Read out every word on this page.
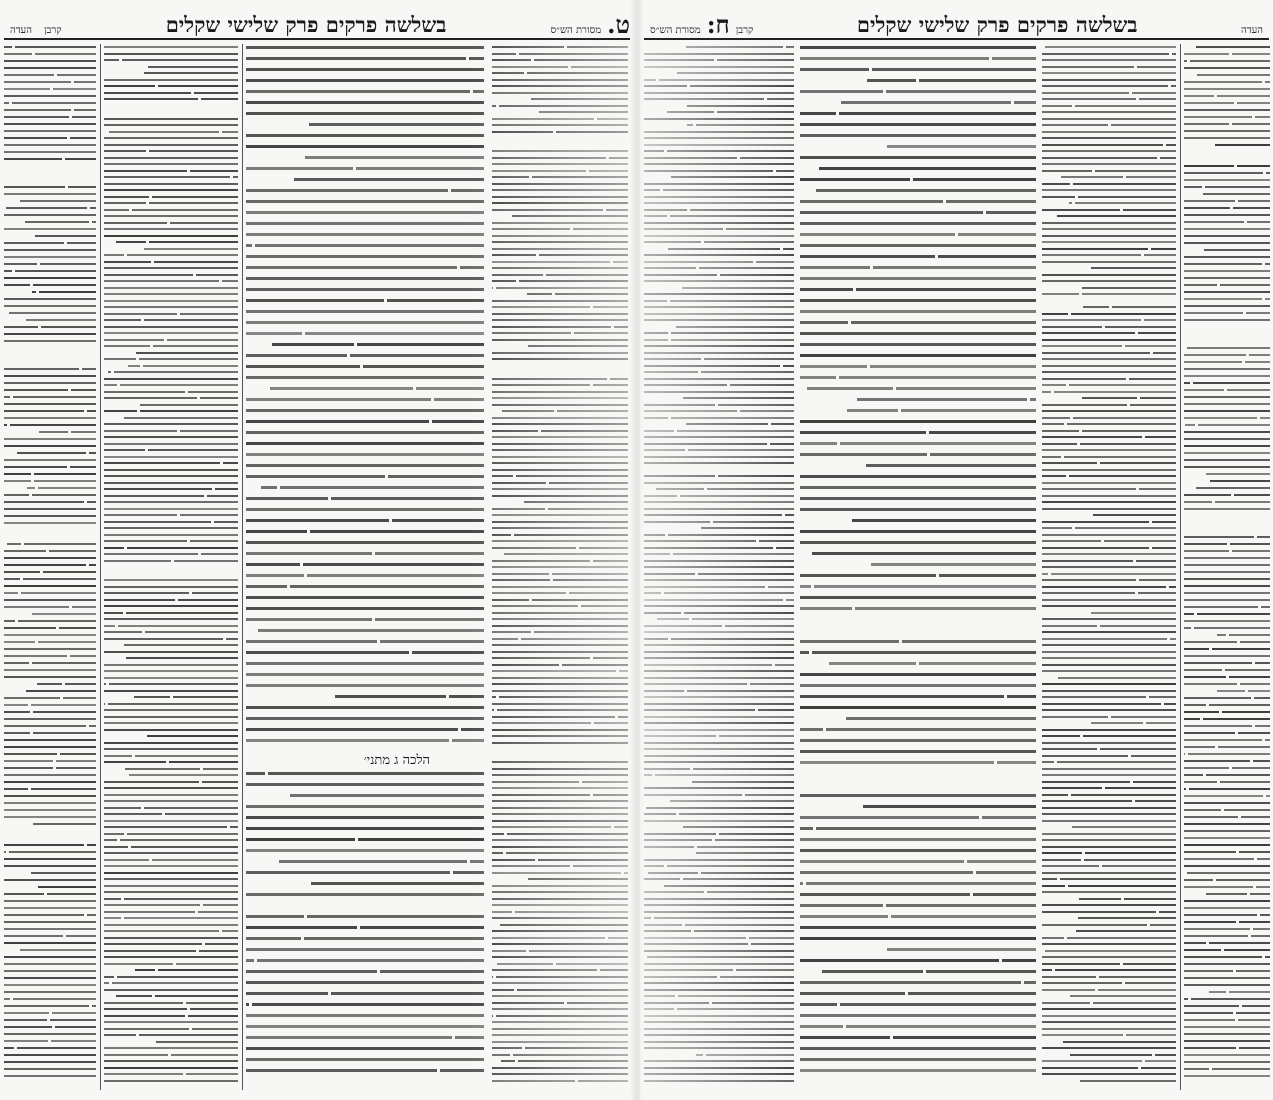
ט.
מסורת הש״ס
בשלשה פרקים פרק שלישי שקלים
קרבן
העדה
הלכה ג מתני׳
העדה
בשלשה פרקים פרק שלישי שקלים
קרבן
ח:
מסורת הש״ס
